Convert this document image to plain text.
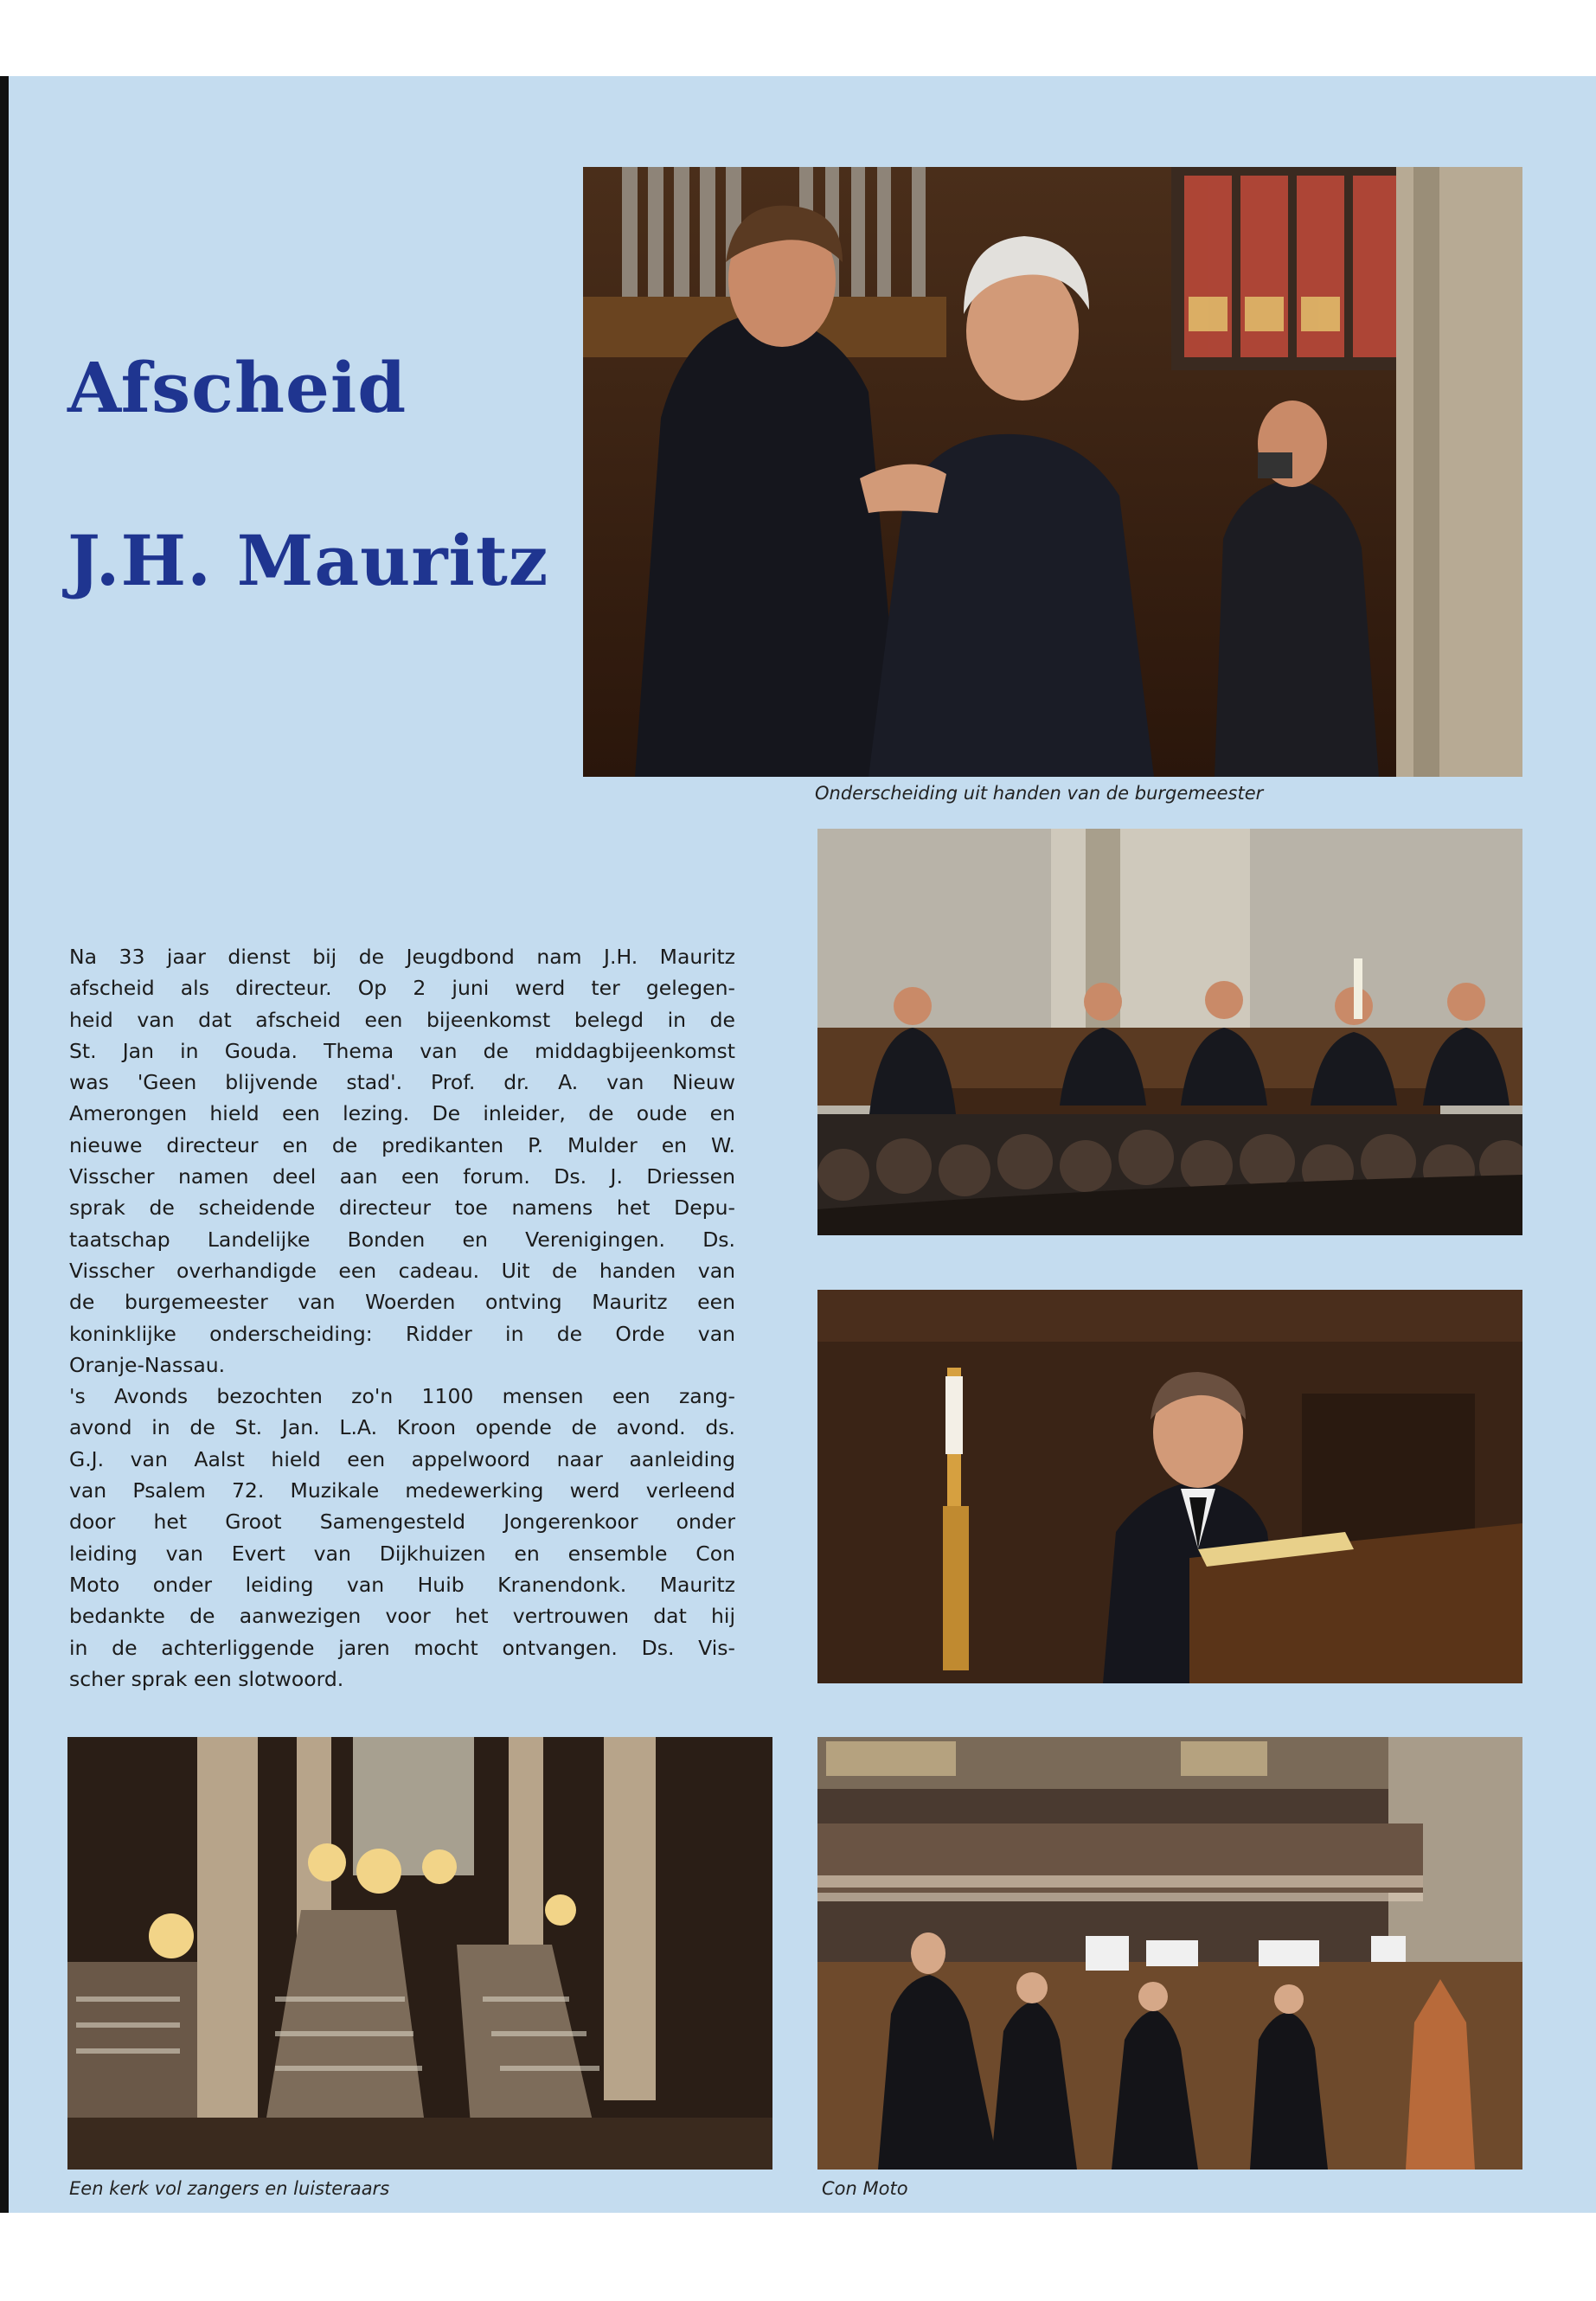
Afscheid
J.H. Mauritz

Onderscheiding uit handen van de burgemeester

Een kerk vol zangers en luisteraars	Con Moto

Na 33 jaar dienst bij de Jeugdbond nam J.H. Mauritz
afscheid als directeur. Op 2 juni werd ter gelegen-
heid van dat afscheid een bijeenkomst belegd in de
St. Jan in Gouda. Thema van de middagbijeenkomst
was 'Geen blijvende stad'. Prof. dr. A. van Nieuw
Amerongen hield een lezing. De inleider, de oude en
nieuwe directeur en de predikanten P. Mulder en W.
Visscher namen deel aan een forum. Ds. J. Driessen
sprak de scheidende directeur toe namens het Depu-
taatschap Landelijke Bonden en Verenigingen. Ds.
Visscher overhandigde een cadeau. Uit de handen van
de burgemeester van Woerden ontving Mauritz een
koninklijke onderscheiding: Ridder in de Orde van
Oranje-Nassau.

's Avonds bezochten zo'n 1100 mensen een zang-
avond in de St. Jan. L.A. Kroon opende de avond. ds.
G.J. van Aalst hield een appelwoord naar aanleiding
van Psalem 72. Muzikale medewerking werd verleend
door het Groot Samengesteld Jongerenkoor onder
leiding van Evert van Dijkhuizen en ensemble Con
Moto onder leiding van Huib Kranendonk. Mauritz
bedankte de aanwezigen voor het vertrouwen dat hij
in de achterliggende jaren mocht ontvangen. Ds. Vis-
scher sprak een slotwoord.
